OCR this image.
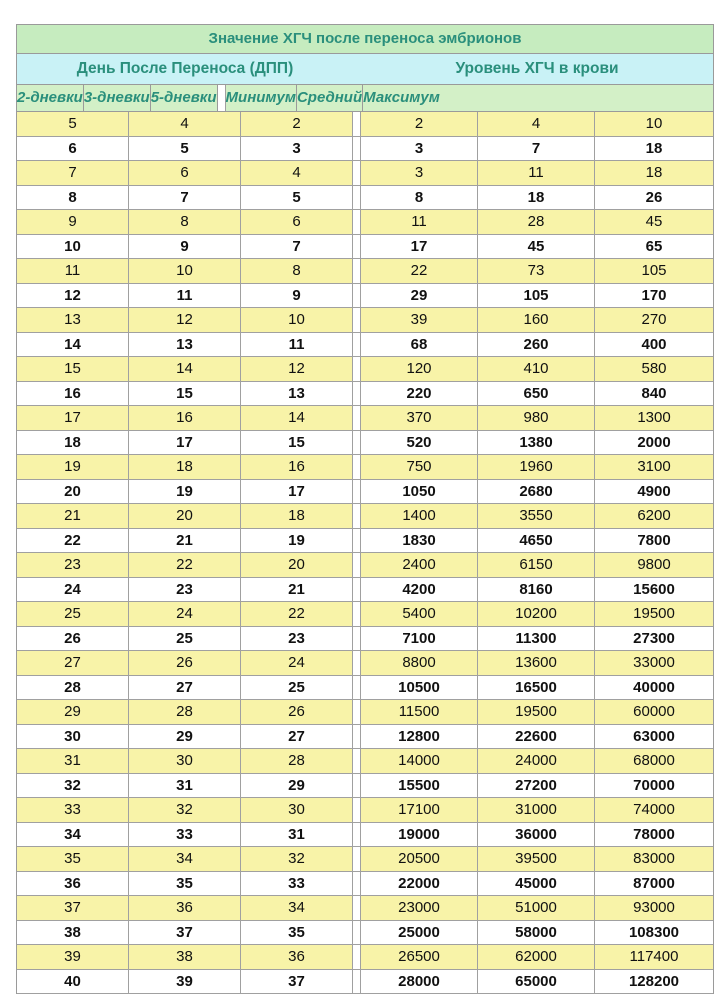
Значение ХГЧ после переноса эмбрионов
День После Переноса (ДПП)	Уровень ХГЧ в крови
2-дневки 3-дневки 5-дневки Минимум Средний Максимум
5	4	2	2	4	10
6	5	3	3	7	18
7	6	4	3	11	18
8	7	5	8	18	26
9	8	6	11	28	45
10	9	7	17	45	65
11	10	8	22	73	105
12	11	9	29	105	170
13	12	10	39	160	270
14	13	11	68	260	400
15	14	12	120	410	580
16	15	13	220	650	840
17	16	14	370	980	1300
18	17	15	520	1380	2000
19	18	16	750	1960	3100
20	19	17	1050	2680	4900
21	20	18	1400	3550	6200
22	21	19	1830	4650	7800
23	22	20	2400	6150	9800
24	23	21	4200	8160	15600
25	24	22	5400	10200	19500
26	25	23	7100	11300	27300
27	26	24	8800	13600	33000
28	27	25	10500	16500	40000
29	28	26	11500	19500	60000
30	29	27	12800	22600	63000
31	30	28	14000	24000	68000
32	31	29	15500	27200	70000
33	32	30	17100	31000	74000
34	33	31	19000	36000	78000
35	34	32	20500	39500	83000
36	35	33	22000	45000	87000
37	36	34	23000	51000	93000
38	37	35	25000	58000	108300
39	38	36	26500	62000	117400
40	39	37	28000	65000	128200
